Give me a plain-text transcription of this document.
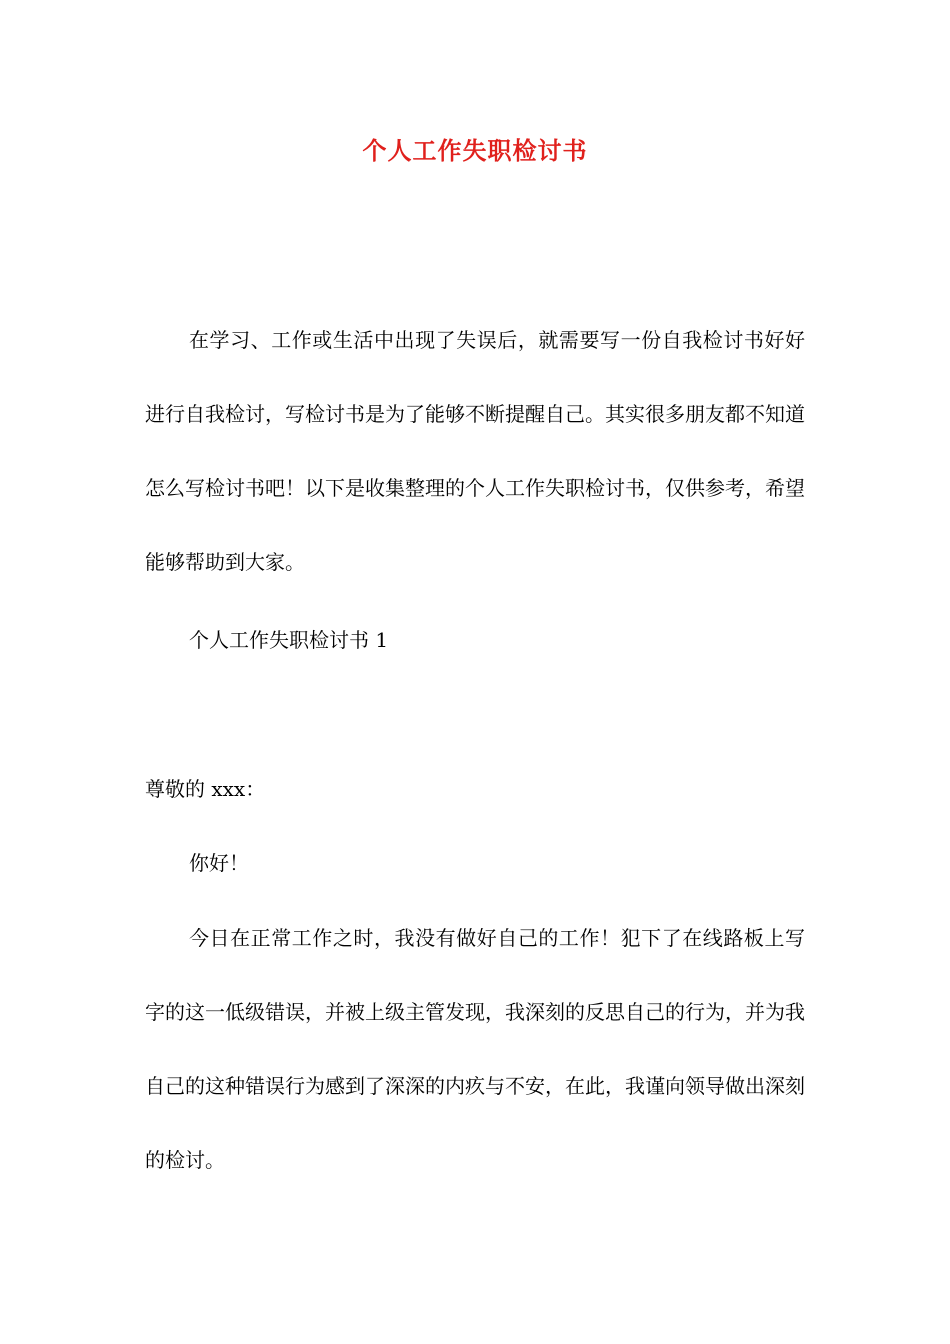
个人工作失职检讨书

在学习、工作或生活中出现了失误后，就需要写一份自我检讨书好好进行自我检讨，写检讨书是为了能够不断提醒自己。其实很多朋友都不知道怎么写检讨书吧！以下是收集整理的个人工作失职检讨书，仅供参考，希望能够帮助到大家。

个人工作失职检讨书 1

尊敬的 xxx：

你好！

今日在正常工作之时，我没有做好自己的工作！犯下了在线路板上写字的这一低级错误，并被上级主管发现，我深刻的反思自己的行为，并为我自己的这种错误行为感到了深深的内疚与不安，在此，我谨向领导做出深刻的检讨。
